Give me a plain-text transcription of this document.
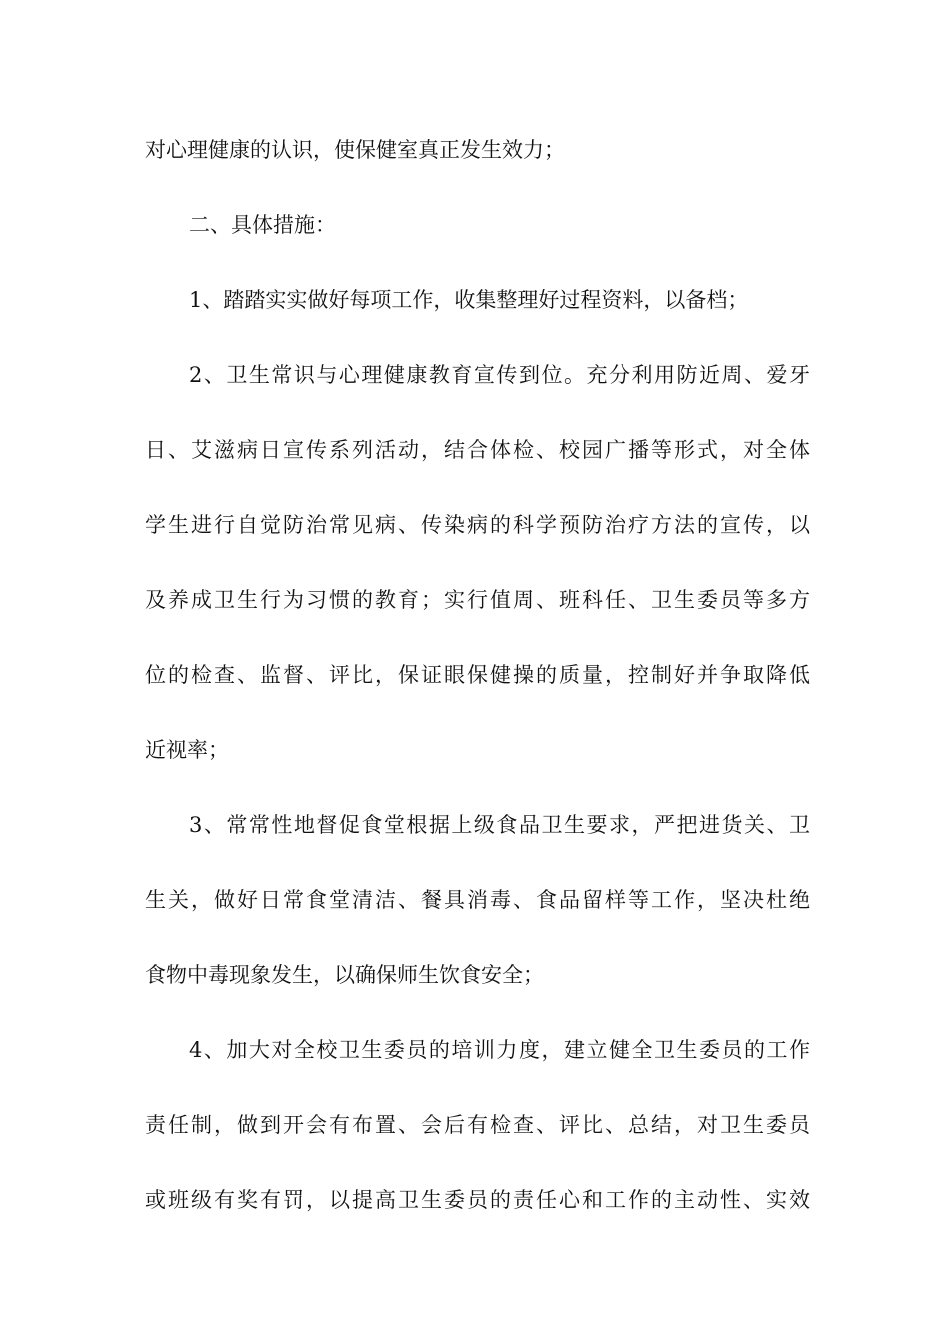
对心理健康的认识，使保健室真正发生效力；
二、具体措施：
1、踏踏实实做好每项工作，收集整理好过程资料，以备档；
2、卫生常识与心理健康教育宣传到位。充分利用防近周、爱牙
日、艾滋病日宣传系列活动，结合体检、校园广播等形式，对全体
学生进行自觉防治常见病、传染病的科学预防治疗方法的宣传，以
及养成卫生行为习惯的教育；实行值周、班科任、卫生委员等多方
位的检查、监督、评比，保证眼保健操的质量，控制好并争取降低
近视率；
3、常常性地督促食堂根据上级食品卫生要求，严把进货关、卫
生关，做好日常食堂清洁、餐具消毒、食品留样等工作，坚决杜绝
食物中毒现象发生，以确保师生饮食安全；
4、加大对全校卫生委员的培训力度，建立健全卫生委员的工作
责任制，做到开会有布置、会后有检查、评比、总结，对卫生委员
或班级有奖有罚，以提高卫生委员的责任心和工作的主动性、实效
